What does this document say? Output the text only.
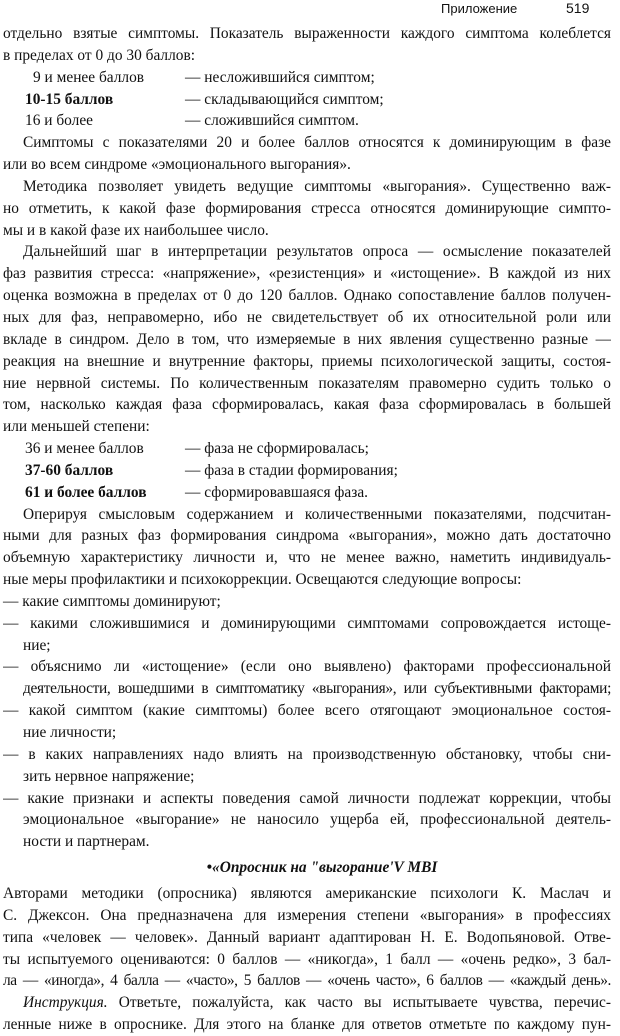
Приложение	519
отдельно взятые симптомы. Показатель выраженности каждого симптома колеблется
в пределах от 0 до 30 баллов:
9 и менее баллов	— несложившийся симптом;
10-15 баллов	— складывающийся симптом;
16 и более	— сложившийся симптом.
Симптомы с показателями 20 и более баллов относятся к доминирующим в фазе
или во всем синдроме «эмоционального выгорания».
Методика позволяет увидеть ведущие симптомы «выгорания». Существенно важ-
но отметить, к какой фазе формирования стресса относятся доминирующие симпто-
мы и в какой фазе их наибольшее число.
Дальнейший шаг в интерпретации результатов опроса — осмысление показателей
фаз развития стресса: «напряжение», «резистенция» и «истощение». В каждой из них
оценка возможна в пределах от 0 до 120 баллов. Однако сопоставление баллов получен-
ных для фаз, неправомерно, ибо не свидетельствует об их относительной роли или
вкладе в синдром. Дело в том, что измеряемые в них явления существенно разные —
реакция на внешние и внутренние факторы, приемы психологической защиты, состоя-
ние нервной системы. По количественным показателям правомерно судить только о
том, насколько каждая фаза сформировалась, какая фаза сформировалась в большей
или меньшей степени:
36 и менее баллов	— фаза не сформировалась;
37-60 баллов	— фаза в стадии формирования;
61 и более баллов — сформировавшаяся фаза.
Оперируя смысловым содержанием и количественными показателями, подсчитан-
ными для разных фаз формирования синдрома «выгорания», можно дать достаточно
объемную характеристику личности и, что не менее важно, наметить индивидуаль-
ные меры профилактики и психокоррекции. Освещаются следующие вопросы:
— какие симптомы доминируют;
— какими сложившимися и доминирующими симптомами сопровождается истоще-
ние;
— объяснимо ли «истощение» (если оно выявлено) факторами профессиональной
деятельности, вошедшими в симптоматику «выгорания», или субъективными факторами;
— какой симптом (какие симптомы) более всего отягощают эмоциональное состоя-
ние личности;
— в каких направлениях надо влиять на производственную обстановку, чтобы сни-
зить нервное напряжение;
— какие признаки и аспекты поведения самой личности подлежат коррекции, чтобы
эмоциональное «выгорание» не наносило ущерба ей, профессиональной деятель-
ности и партнерам.
•«Опросник на "выгорание'V MBI
Авторами методики (опросника) являются американские психологи К. Маслач и
С. Джексон. Она предназначена для измерения степени «выгорания» в профессиях
типа «человек — человек». Данный вариант адаптирован Н. Е. Водопьяновой. Отве-
ты испытуемого оцениваются: 0 баллов — «никогда», 1 балл — «очень редко», 3 бал-
ла — «иногда», 4 балла — «часто», 5 баллов — «очень часто», 6 баллов — «каждый день».
Инструкция. Ответьте, пожалуйста, как часто вы испытываете чувства, перечис-
ленные ниже в опроснике. Для этого на бланке для ответов отметьте по каждому пун-
